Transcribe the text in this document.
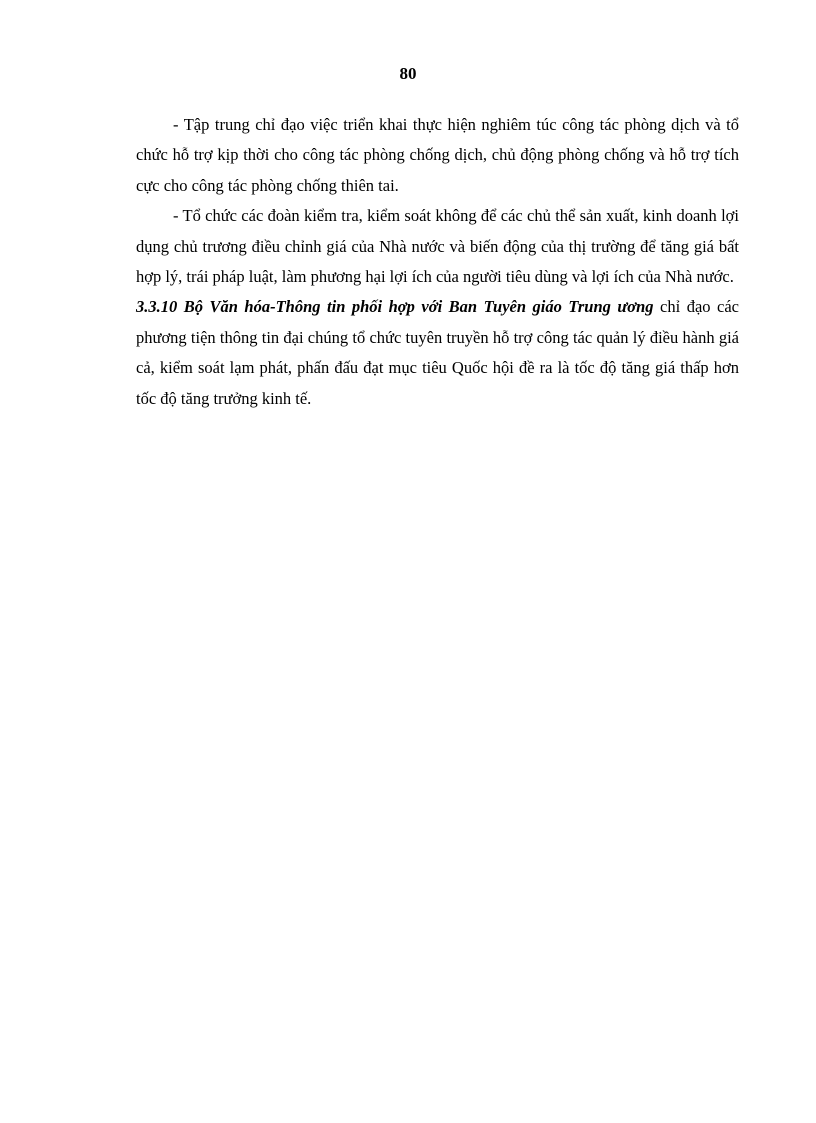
80

- Tập trung chỉ đạo việc triển khai thực hiện nghiêm túc công tác phòng dịch và tổ chức hỗ trợ kịp thời cho công tác phòng chống dịch, chủ động phòng chống và hỗ trợ tích cực cho công tác phòng chống thiên tai.

- Tổ chức các đoàn kiểm tra, kiểm soát không để các chủ thể sản xuất, kinh doanh lợi dụng chủ trương điều chỉnh giá của Nhà nước và biến động của thị trường để tăng giá bất hợp lý, trái pháp luật, làm phương hại lợi ích của người tiêu dùng và lợi ích của Nhà nước.

3.3.10 Bộ Văn hóa-Thông tin phối hợp với Ban Tuyên giáo Trung ương chỉ đạo các phương tiện thông tin đại chúng tổ chức tuyên truyền hỗ trợ công tác quản lý điều hành giá cả, kiểm soát lạm phát, phấn đấu đạt mục tiêu Quốc hội đề ra là tốc độ tăng giá thấp hơn tốc độ tăng trưởng kinh tế.
